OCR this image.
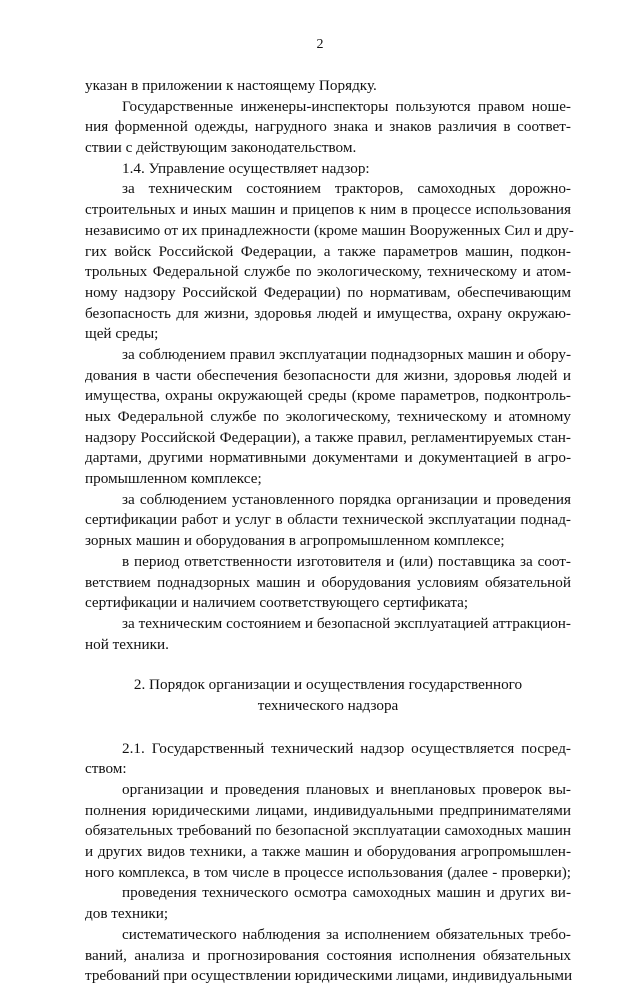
2
указан в приложении к настоящему Порядку.
Государственные инженеры-инспекторы пользуются правом ноше-
ния форменной одежды, нагрудного знака и знаков различия в соответ-
ствии с действующим законодательством.
1.4. Управление осуществляет надзор:
за техническим состоянием тракторов, самоходных дорожно-
строительных и иных машин и прицепов к ним в процессе использования
независимо от их принадлежности (кроме машин Вооруженных Сил и дру-
гих войск Российской Федерации, а также параметров машин, подкон-
трольных Федеральной службе по экологическому, техническому и атом-
ному надзору Российской Федерации) по нормативам, обеспечивающим
безопасность для жизни, здоровья людей и имущества, охрану окружаю-
щей среды;
за соблюдением правил эксплуатации поднадзорных машин и обору-
дования в части обеспечения безопасности для жизни, здоровья людей и
имущества, охраны окружающей среды (кромe парaметров, подконтроль-
ных Федеральной службе по экологическому, техническому и атомному
надзору Российской Федерации), а также правил, регламентируемых стан-
дартами, другими нормативными документами и документацией в агро-
промышленном комплексе;
за соблюдением установленного порядка организации и проведения
сертификации работ и услуг в области технической эксплуатации поднад-
зорных машин и оборудования в агропромышленном комплексе;
в период ответственности изготовителя и (или) поставщика за соот-
ветствием поднадзорных машин и оборудования условиям обязательной
сертификации и наличием соответствующего сертификата;
за техническим состоянием и безопасной эксплуатацией аттракцион-
ной техники.
2. Порядок организации и осуществления государственного
технического надзора
2.1. Государственный технический надзор осуществляется посред-
ством:
организации и проведения плановых и внеплановых проверок вы-
полнения юридическими лицами, индивидуальными предпринимателями
обязательных требований по безопасной эксплуатации самоходных машин
и других видов техники, а также машин и оборудования агропромышлен-
ного комплекса, в том числе в процессе использования (далее - проверки);
проведения технического осмотра самоходных машин и других ви-
дов техники;
систематического наблюдения за исполнением обязательных требо-
ваний, анализа и прогнозирования состояния исполнения обязательных
требований при осуществлении юридическими лицами, индивидуальными
